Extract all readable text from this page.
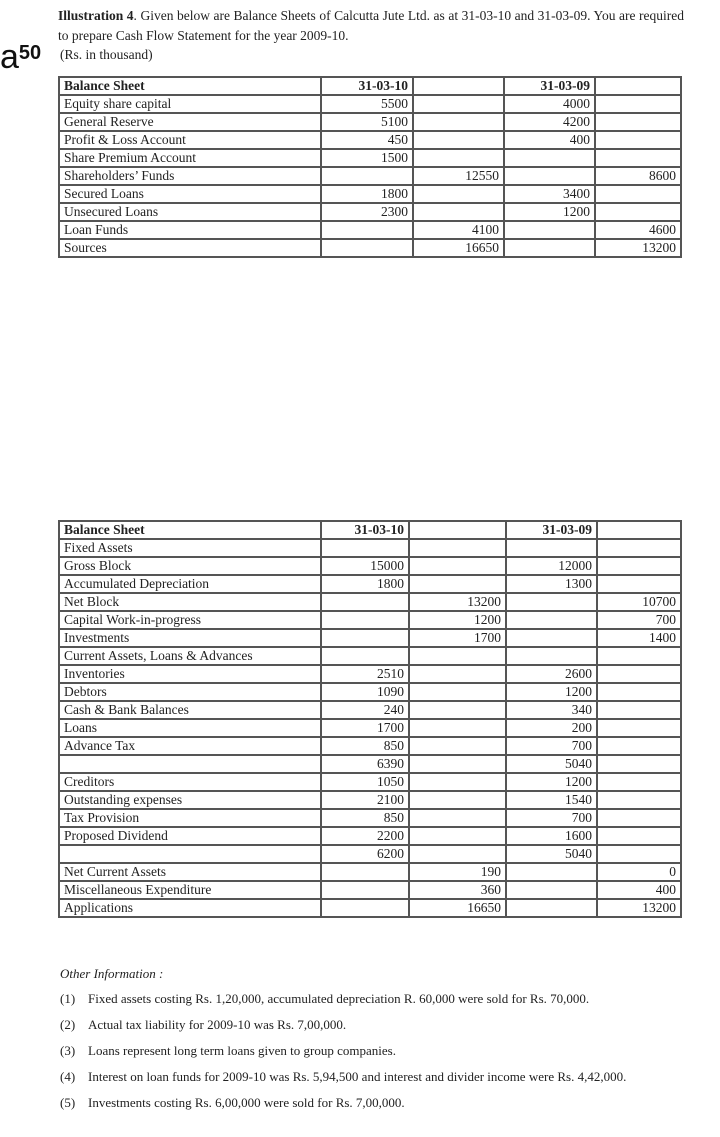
Illustration 4. Given below are Balance Sheets of Calcutta Jute Ltd. as at 31-03-10 and 31-03-09. You are required to prepare Cash Flow Statement for the year 2009-10.
$a^{50}$ (Rs. in thousand)
Balance Sheet	31-03-10		31-03-09	
Equity share capital	5500		4000	
General Reserve	5100		4200	
Profit & Loss Account	450		400	
Share Premium Account	1500			
Shareholders’ Funds		12550		8600
Secured Loans	1800		3400	
Unsecured Loans	2300		1200	
Loan Funds		4100		4600
Sources		16650		13200
Balance Sheet	31-03-10		31-03-09	
Fixed Assets				
Gross Block	15000		12000	
Accumulated Depreciation	1800		1300	
Net Block		13200		10700
Capital Work-in-progress		1200		700
Investments		1700		1400
Current Assets, Loans & Advances				
Inventories	2510		2600	
Debtors	1090		1200	
Cash & Bank Balances	240		340	
Loans	1700		200	
Advance Tax	850		700	
	6390		5040	
Creditors	1050		1200	
Outstanding expenses	2100		1540	
Tax Provision	850		700	
Proposed Dividend	2200		1600	
	6200		5040	
Net Current Assets		190		0
Miscellaneous Expenditure		360		400
Applications		16650		13200
Other Information :
(1) Fixed assets costing Rs. 1,20,000, accumulated depreciation R. 60,000 were sold for Rs. 70,000.
(2) Actual tax liability for 2009-10 was Rs. 7,00,000.
(3) Loans represent long term loans given to group companies.
(4) Interest on loan funds for 2009-10 was Rs. 5,94,500 and interest and divider income were Rs. 4,42,000.
(5) Investments costing Rs. 6,00,000 were sold for Rs. 7,00,000.
